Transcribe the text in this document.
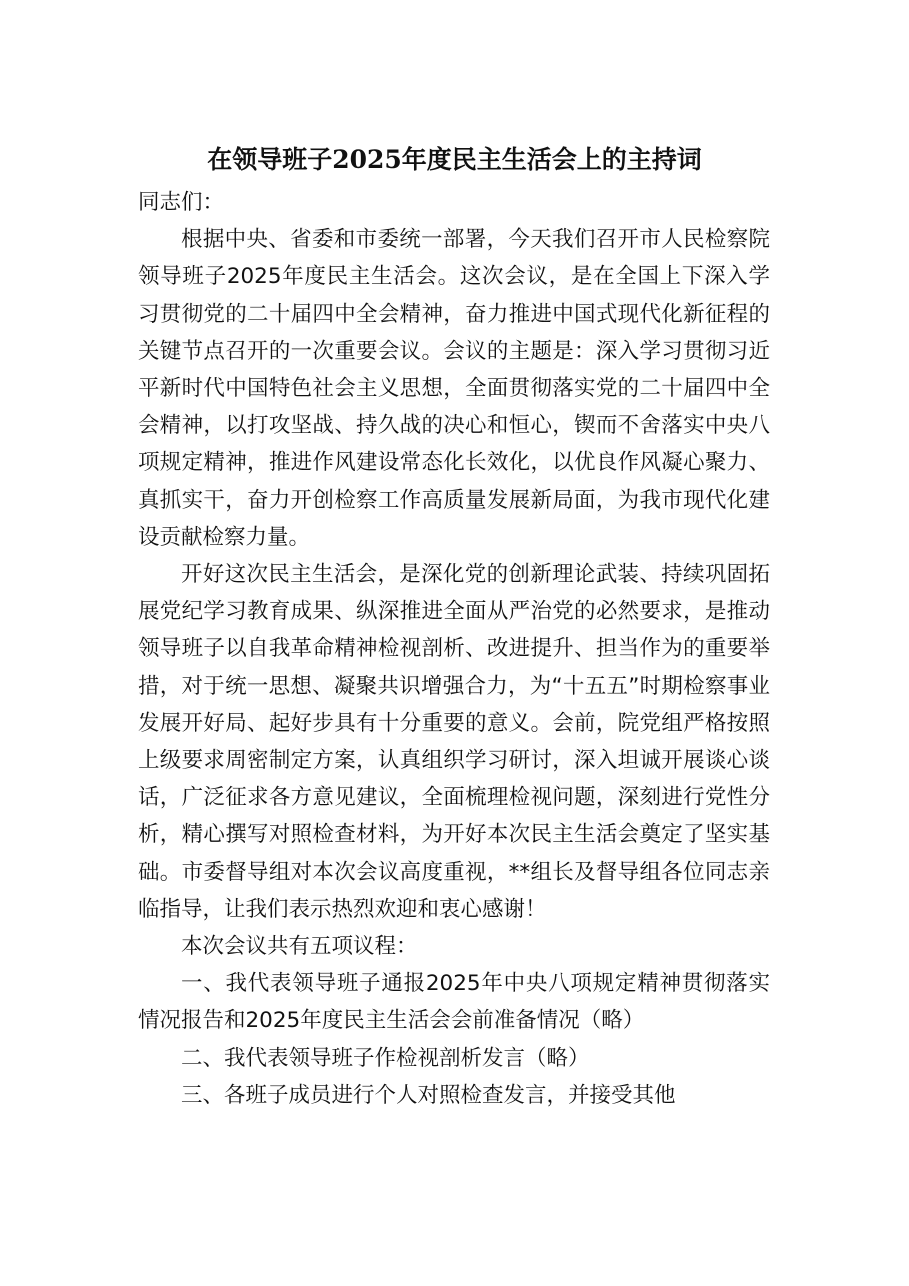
在领导班子2025年度民主生活会上的主持词

同志们：

根据中央、省委和市委统一部署，今天我们召开市人民检察院领导班子2025年度民主生活会。这次会议，是在全国上下深入学习贯彻党的二十届四中全会精神，奋力推进中国式现代化新征程的关键节点召开的一次重要会议。会议的主题是：深入学习贯彻习近平新时代中国特色社会主义思想，全面贯彻落实党的二十届四中全会精神，以打攻坚战、持久战的决心和恒心，锲而不舍落实中央八项规定精神，推进作风建设常态化长效化，以优良作风凝心聚力、真抓实干，奋力开创检察工作高质量发展新局面，为我市现代化建设贡献检察力量。

开好这次民主生活会，是深化党的创新理论武装、持续巩固拓展党纪学习教育成果、纵深推进全面从严治党的必然要求，是推动领导班子以自我革命精神检视剖析、改进提升、担当作为的重要举措，对于统一思想、凝聚共识增强合力，为“十五五”时期检察事业发展开好局、起好步具有十分重要的意义。会前，院党组严格按照上级要求周密制定方案，认真组织学习研讨，深入坦诚开展谈心谈话，广泛征求各方意见建议，全面梳理检视问题，深刻进行党性分析，精心撰写对照检查材料，为开好本次民主生活会奠定了坚实基础。市委督导组对本次会议高度重视，**组长及督导组各位同志亲临指导，让我们表示热烈欢迎和衷心感谢！

本次会议共有五项议程：

一、我代表领导班子通报2025年中央八项规定精神贯彻落实情况报告和2025年度民主生活会会前准备情况（略）

二、我代表领导班子作检视剖析发言（略）

三、各班子成员进行个人对照检查发言，并接受其他
